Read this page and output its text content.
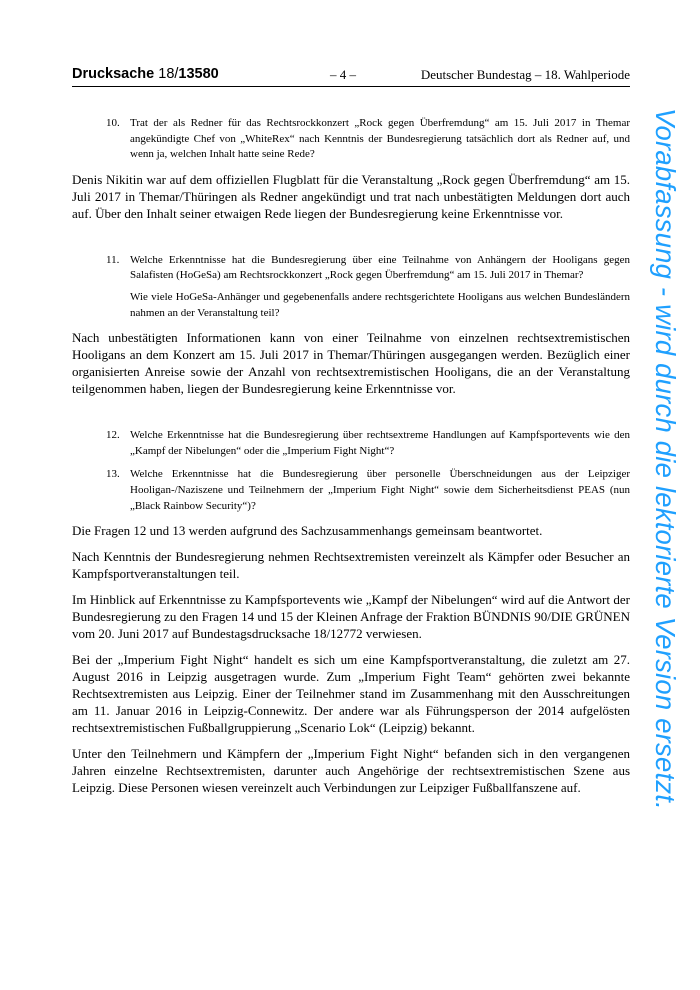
Drucksache 18/13580	– 4 –	Deutscher Bundestag – 18. Wahlperiode
10. Trat der als Redner für das Rechtsrockkonzert „Rock gegen Überfremdung“ am 15. Juli 2017 in Themar angekündigte Chef von „WhiteRex“ nach Kenntnis der Bundesregierung tatsächlich dort als Redner auf, und wenn ja, welchen Inhalt hatte seine Rede?

Denis Nikitin war auf dem offiziellen Flugblatt für die Veranstaltung „Rock gegen Überfremdung“ am 15. Juli 2017 in Themar/Thüringen als Redner angekündigt und trat nach unbestätigten Meldungen dort auch auf. Über den Inhalt seiner etwaigen Rede liegen der Bundesregierung keine Erkenntnisse vor.

11. Welche Erkenntnisse hat die Bundesregierung über eine Teilnahme von Anhängern der Hooligans gegen Salafisten (HoGeSa) am Rechtsrockkonzert „Rock gegen Überfremdung“ am 15. Juli 2017 in Themar?

Wie viele HoGeSa-Anhänger und gegebenenfalls andere rechtsgerichtete Hooligans aus welchen Bundesländern nahmen an der Veranstaltung teil?

Nach unbestätigten Informationen kann von einer Teilnahme von einzelnen rechtsextremistischen Hooligans an dem Konzert am 15. Juli 2017 in Themar/Thüringen ausgegangen werden. Bezüglich einer organisierten Anreise sowie der Anzahl von rechtsextremistischen Hooligans, die an der Veranstaltung teilgenommen haben, liegen der Bundesregierung keine Erkenntnisse vor.

12. Welche Erkenntnisse hat die Bundesregierung über rechtsextreme Handlungen auf Kampfsportevents wie den „Kampf der Nibelungen“ oder die „Imperium Fight Night“?

13. Welche Erkenntnisse hat die Bundesregierung über personelle Überschneidungen aus der Leipziger Hooligan-/Naziszene und Teilnehmern der „Imperium Fight Night“ sowie dem Sicherheitsdienst PEAS (nun „Black Rainbow Security“)?

Die Fragen 12 und 13 werden aufgrund des Sachzusammenhangs gemeinsam beantwortet.

Nach Kenntnis der Bundesregierung nehmen Rechtsextremisten vereinzelt als Kämpfer oder Besucher an Kampfsportveranstaltungen teil.

Im Hinblick auf Erkenntnisse zu Kampfsportevents wie „Kampf der Nibelungen“ wird auf die Antwort der Bundesregierung zu den Fragen 14 und 15 der Kleinen Anfrage der Fraktion BÜNDNIS 90/DIE GRÜNEN vom 20. Juni 2017 auf Bundestagsdrucksache 18/12772 verwiesen.

Bei der „Imperium Fight Night“ handelt es sich um eine Kampfsportveranstaltung, die zuletzt am 27. August 2016 in Leipzig ausgetragen wurde. Zum „Imperium Fight Team“ gehörten zwei bekannte Rechtsextremisten aus Leipzig. Einer der Teilnehmer stand im Zusammenhang mit den Ausschreitungen am 11. Januar 2016 in Leipzig-Connewitz. Der andere war als Führungsperson der 2014 aufgelösten rechtsextremistischen Fußballgruppierung „Scenario Lok“ (Leipzig) bekannt.

Unter den Teilnehmern und Kämpfern der „Imperium Fight Night“ befanden sich in den vergangenen Jahren einzelne Rechtsextremisten, darunter auch Angehörige der rechtsextremistischen Szene aus Leipzig. Diese Personen wiesen vereinzelt auch Verbindungen zur Leipziger Fußballfanszene auf.	Vorabfassung - wird durch die lektorierte Version ersetzt.
